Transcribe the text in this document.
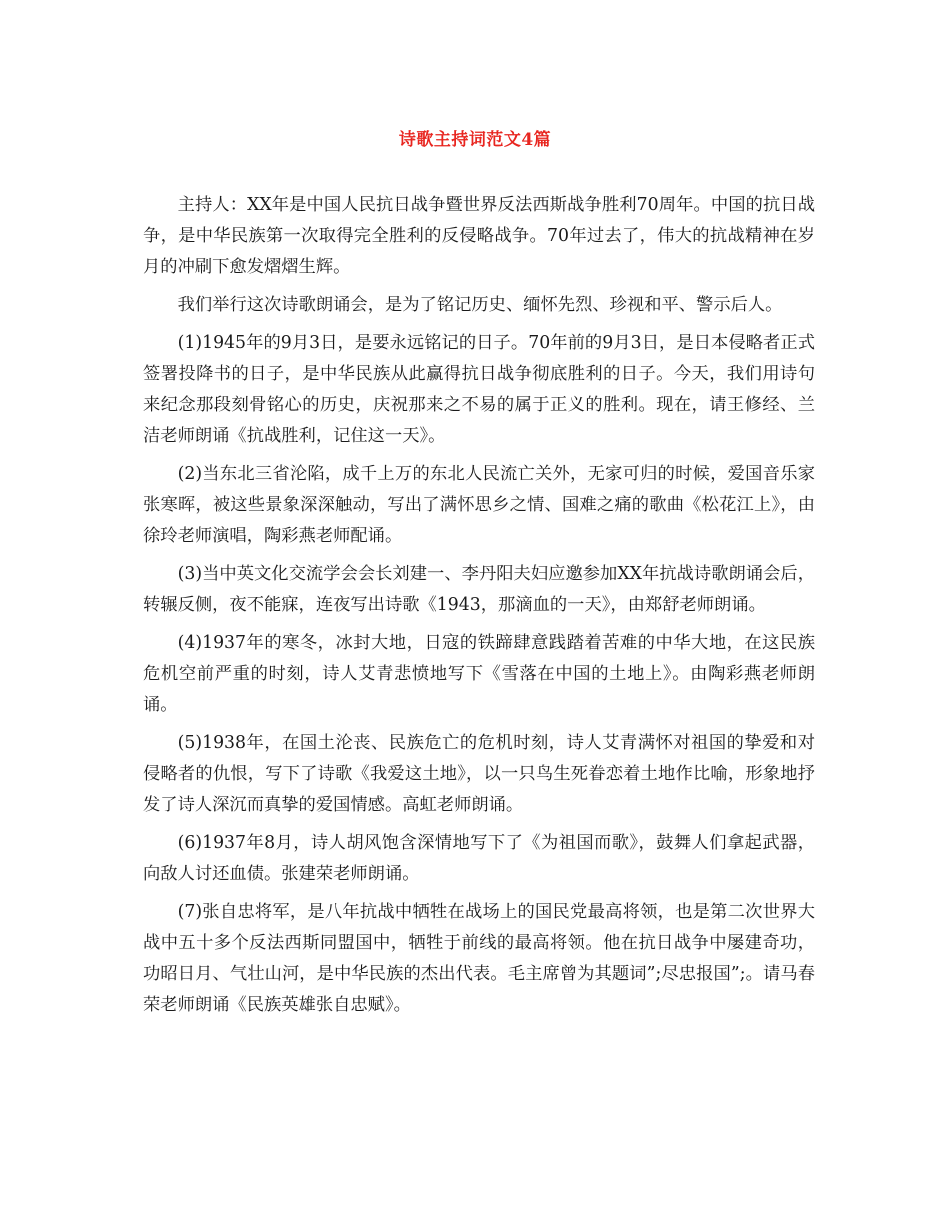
诗歌主持词范文4篇

主持人：XX年是中国人民抗日战争暨世界反法西斯战争胜利70周年。中国的抗日战争，是中华民族第一次取得完全胜利的反侵略战争。70年过去了，伟大的抗战精神在岁月的冲刷下愈发熠熠生辉。

我们举行这次诗歌朗诵会，是为了铭记历史、缅怀先烈、珍视和平、警示后人。

(1)1945年的9月3日，是要永远铭记的日子。70年前的9月3日，是日本侵略者正式签署投降书的日子，是中华民族从此赢得抗日战争彻底胜利的日子。今天，我们用诗句来纪念那段刻骨铭心的历史，庆祝那来之不易的属于正义的胜利。现在，请王修经、兰洁老师朗诵《抗战胜利，记住这一天》。

(2)当东北三省沦陷，成千上万的东北人民流亡关外，无家可归的时候，爱国音乐家张寒晖，被这些景象深深触动，写出了满怀思乡之情、国难之痛的歌曲《松花江上》，由徐玲老师演唱，陶彩燕老师配诵。

(3)当中英文化交流学会会长刘建一、李丹阳夫妇应邀参加XX年抗战诗歌朗诵会后，转辗反侧，夜不能寐，连夜写出诗歌《1943，那滴血的一天》，由郑舒老师朗诵。

(4)1937年的寒冬，冰封大地，日寇的铁蹄肆意践踏着苦难的中华大地，在这民族危机空前严重的时刻，诗人艾青悲愤地写下《雪落在中国的土地上》。由陶彩燕老师朗诵。

(5)1938年，在国土沦丧、民族危亡的危机时刻，诗人艾青满怀对祖国的挚爱和对侵略者的仇恨，写下了诗歌《我爱这土地》，以一只鸟生死眷恋着土地作比喻，形象地抒发了诗人深沉而真挚的爱国情感。高虹老师朗诵。

(6)1937年8月，诗人胡风饱含深情地写下了《为祖国而歌》，鼓舞人们拿起武器，向敌人讨还血债。张建荣老师朗诵。

(7)张自忠将军，是八年抗战中牺牲在战场上的国民党最高将领，也是第二次世界大战中五十多个反法西斯同盟国中，牺牲于前线的最高将领。他在抗日战争中屡建奇功， 功昭日月、气壮山河，是中华民族的杰出代表。毛主席曾为其题词”;尽忠报国”;。请马春荣老师朗诵《民族英雄张自忠赋》。
